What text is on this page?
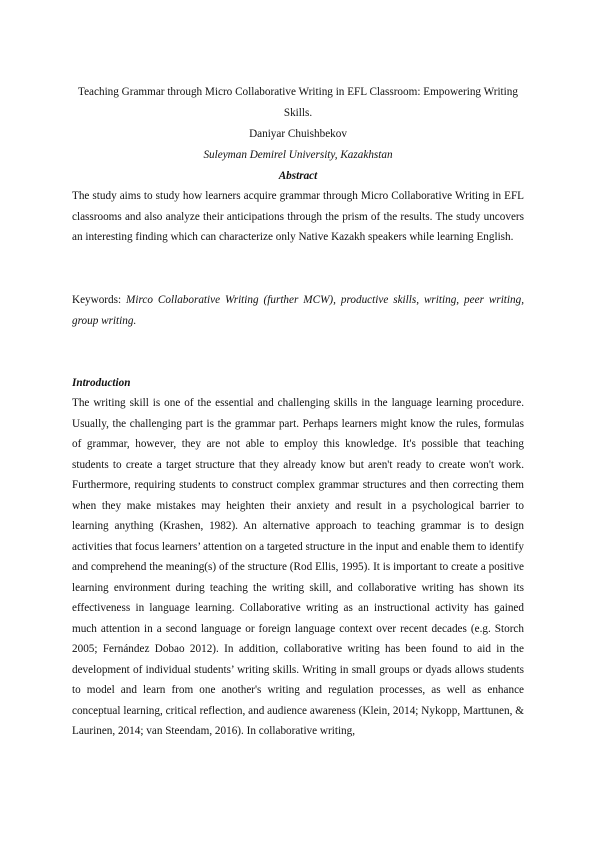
Teaching Grammar through Micro Collaborative Writing in EFL Classroom: Empowering Writing Skills.
Daniyar Chuishbekov
Suleyman Demirel University, Kazakhstan
Abstract
The study aims to study how learners acquire grammar through Micro Collaborative Writing in EFL classrooms and also analyze their anticipations through the prism of the results. The study uncovers an interesting finding which can characterize only Native Kazakh speakers while learning English.
Keywords: Mirco Collaborative Writing (further MCW), productive skills, writing, peer writing, group writing.
Introduction
The writing skill is one of the essential and challenging skills in the language learning procedure. Usually, the challenging part is the grammar part. Perhaps learners might know the rules, formulas of grammar, however, they are not able to employ this knowledge. It's possible that teaching students to create a target structure that they already know but aren't ready to create won't work. Furthermore, requiring students to construct complex grammar structures and then correcting them when they make mistakes may heighten their anxiety and result in a psychological barrier to learning anything (Krashen, 1982). An alternative approach to teaching grammar is to design activities that focus learners’ attention on a targeted structure in the input and enable them to identify and comprehend the meaning(s) of the structure (Rod Ellis, 1995). It is important to create a positive learning environment during teaching the writing skill, and collaborative writing has shown its effectiveness in language learning. Collaborative writing as an instructional activity has gained much attention in a second language or foreign language context over recent decades (e.g. Storch 2005; Fernández Dobao 2012). In addition, collaborative writing has been found to aid in the development of individual students’ writing skills. Writing in small groups or dyads allows students to model and learn from one another's writing and regulation processes, as well as enhance conceptual learning, critical reflection, and audience awareness (Klein, 2014; Nykopp, Marttunen, & Laurinen, 2014; van Steendam, 2016). In collaborative writing,
